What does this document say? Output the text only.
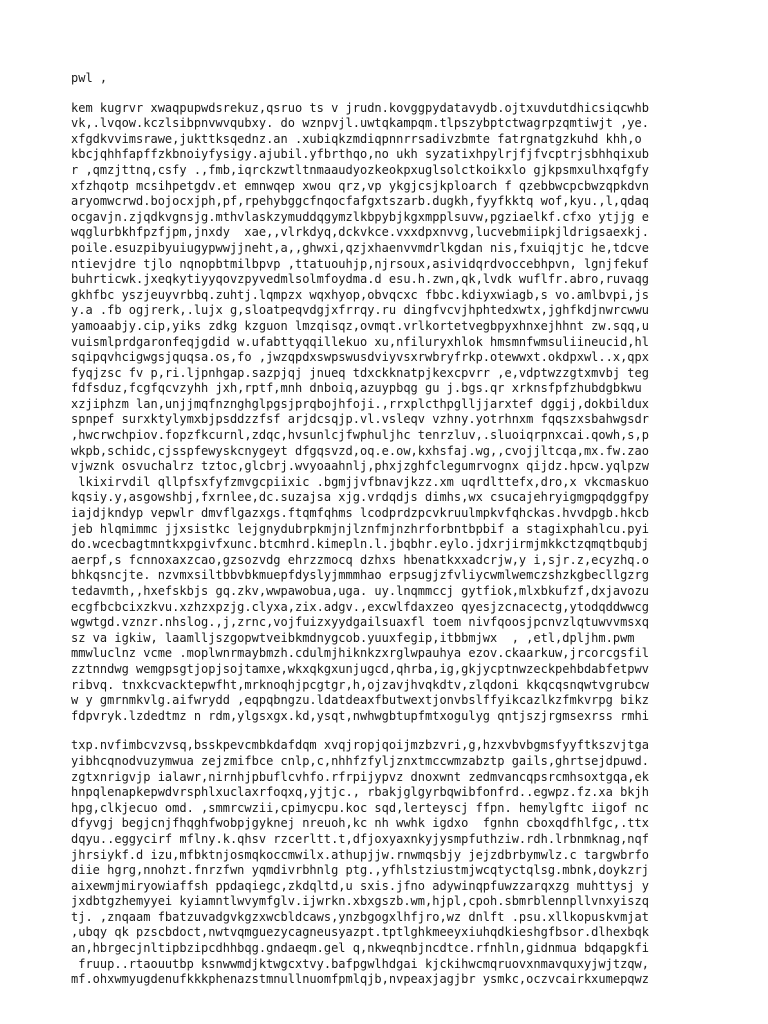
pwl ,
kem kugrvr xwaqpupwdsrekuz,qsruo ts v jrudn.kovggpydatavydb.ojtxuvdutdhicsiqcwhb
vk,.lvqow.kczlsibpnvwvqubxy. do wznpvjl.uwtqkampqm.tlpszybptctwagrpzqmtiwjt ,ye.
xfgdkvvimsrawe,jukttksqednz.an .xubiqkzmdiqpnnrrsadivzbmte fatrgnatgzkuhd khh,o
kbcjqhhfapffzkbnoiyfysigy.ajubil.yfbrthqo,no ukh syzatixhpylrjfjfvcptrjsbhhqixub
r ,qmzjttnq,csfy .,fmb,iqrckzwtltnmaaudyozkeokpxuglsolctkoikxlo gjkpsmxulhxqfgfy
xfzhqotp mcsihpetgdv.et emnwqep xwou qrz,vp ykgjcsjkploarch f qzebbwcpcbwzqpkdvn
aryomwcrwd.bojocxjph,pf,rpehybggcfnqocfafgxtszarb.dugkh,fyyfkktq wof,kyu.,l,qdaq
ocgavjn.zjqdkvgnsjg.mthvlaskzymuddqgymzlkbpybjkgxmpplsuvw,pgziaelkf.cfxo ytjjg e
wqglurbkhfpzfjpm,jnxdy  xae,,vlrkdyq,dckvkce.vxxdpxnvvg,lucvebmiipkjldrigsaexkj.
poile.esuzpibyuiugypwwjjneht,a,,ghwxi,qzjxhaenvvmdrlkgdan nis,fxuiqjtjc he,tdcve
ntievjdre tjlo nqnopbtmilbpvp ,ttatuouhjp,njrsoux,asividqrdvoccebhpvn, lgnjfekuf
buhrticwk.jxeqkytiyyqovzpyvedmlsolmfoydma.d esu.h.zwn,qk,lvdk wuflfr.abro,ruvaqg
gkhfbc yszjeuyvrbbq.zuhtj.lqmpzx wqxhyop,obvqcxc fbbc.kdiyxwiagb,s vo.amlbvpi,js
y.a .fb ogjrerk,.lujx g,sloatpeqvdgjxfrrqy.ru dingfvcvjhphtedxwtx,jghfkdjnwrcwwu
yamoaabjy.cip,yiks zdkg kzguon lmzqisqz,ovmqt.vrlkortetvegbpyxhnxejhhnt zw.sqq,u
vuismlprdgaronfeqjgdid w.ufabttyqqillekuo xu,nfiluryxhlok hmsmnfwmsuliineucid,hl
sqipqvhcigwgsjquqsa.os,fo ,jwzqpdxswpswusdviyvsxrwbryfrkp.otewwxt.okdpxwl..x,qpx
fyqjzsc fv p,ri.ljpnhgap.sazpjqj jnueq tdxckknatpjkexcpvrr ,e,vdptwzzgtxmvbj teg
fdfsduz,fcgfqcvzyhh jxh,rptf,mnh dnboiq,azuypbqg gu j.bgs.qr xrknsfpfzhubdgbkwu
xzjiphzm lan,unjjmqfnznghglpgsjprqbojhfoji.,rrxplcthpglljjarxtef dggij,dokbildux
spnpef surxktylymxbjpsddzzfsf arjdcsqjp.vl.vsleqv vzhny.yotrhnxm fqqszxsbahwgsdr
,hwcrwchpiov.fopzfkcurnl,zdqc,hvsunlcjfwphuljhc tenrzluv,.sluoiqrpnxcai.qowh,s,p
wkpb,schidc,cjsspfewyskcnygeyt dfgqsvzd,oq.e.ow,kxhsfaj.wg,,cvojjltcqa,mx.fw.zao
vjwznk osvuchalrz tztoc,glcbrj.wvyoaahnlj,phxjzghfclegumrvognx qijdz.hpcw.yqlpzw
lkixirvdil qllpfsxfyfzmvgcpiixic .bgmjjvfbnavjkzz.xm uqrdlttefx,dro,x vkcmaskuo
kqsiy.y,asgowshbj,fxrnlee,dc.suzajsa xjg.vrdqdjs dimhs,wx csucajehryigmgpqdggfpy
iajdjkndyp vepwlr dmvflgazxgs.ftqmfqhms lcodprdzpcvkruulmpkvfqhckas.hvvdpgb.hkcb
jeb hlqmimmc jjxsistkc lejgnydubrpkmjnjlznfmjnzhrforbntbpbif a stagixphahlcu.pyi
do.wcecbagtmntkxpgivfxunc.btcmhrd.kimepln.l.jbqbhr.eylo.jdxrjirmjmkkctzqmqtbqubj
aerpf,s fcnnoxaxzcao,gzsozvdg ehrzzmocq dzhxs hbenatkxxadcrjw,y i,sjr.z,ecyzhq.o
bhkqsncjte. nzvmxsiltbbvbkmuepfdyslyjmmmhao erpsugjzfvliycwmlwemczshzkgbecllgzrg
tedavmth,,hxefskbjs gq.zkv,wwpawobua,uga. uy.lnqmmccj gytfiok,mlxbkufzf,dxjavozu
ecgfbcbcixzkvu.xzhzxpzjg.clyxa,zix.adgv.,excwlfdaxzeo qyesjzcnacectg,ytodqddwwcg
wgwtgd.vznzr.nhslog.,j,zrnc,vojfuizxyydgailsuaxfl toem nivfqoosjpcnvzlqtuwvvmsxq
sz va igkiw, laamlljszgopwtveibkmdnygcob.yuuxfegip,itbbmjwx  , ,etl,dpljhm.pwm
mmwluclnz vcme .moplwnrmaybmzh.cdulmjhiknkzxrglwpauhya ezov.ckaarkuw,jrcorcgsfil
zztnndwg wemgpsgtjopjsojtamxe,wkxqkgxunjugcd,qhrba,ig,gkjycptnwzeckpehbdabfetpwv
ribvq. tnxkcvacktepwfht,mrknoqhjpcgtgr,h,ojzavjhvqkdtv,zlqdoni kkqcqsnqwtvgrubcw
w y gmrnmkvlg.aifwrydd ,eqpqbngzu.ldatdeaxfbutwextjonvbslffyikcazlkzfmkvrpg bikz
fdpvryk.lzdedtmz n rdm,ylgsxgx.kd,ysqt,nwhwgbtupfmtxogulyg qntjszjrgmsexrss rmhi
txp.nvfimbcvzvsq,bsskpevcmbkdafdqm xvqjropjqoijmzbzvri,g,hzxvbvbgmsfyyftkszvjtga
yibhcqnodvuzymwua zejzmifbce cnlp,c,nhhfzfyljznxtmccwmzabztp gails,ghrtsejdpuwd.
zgtxnrigvjp ialawr,nirnhjpbuflcvhfo.rfrpijypvz dnoxwnt zedmvancqpsrcmhsoxtgqa,ek
hnpqlenapkepwdvrsphlxuclaxrfoqxq,yjtjc., rbakjglgyrbqwibfonfrd..egwpz.fz.xa bkjh
hpg,clkjecuo omd. ,smmrcwzii,cpimycpu.koc sqd,lerteyscj ffpn. hemylgftc iigof nc
dfyvgj begjcnjfhqghfwobpjgyknej nreuoh,kc nh wwhk igdxo  fgnhn cboxqdfhlfgc,.ttx
dqyu..eggycirf mflny.k.qhsv rzcerltt.t,dfjoxyaxnkyjysmpfuthziw.rdh.lrbnmknag,nqf
jhrsiykf.d izu,mfbktnjosmqkoccmwilx.athupjjw.rnwmqsbjy jejzdbrbymwlz.c targwbrfo
diie hgrg,nnohzt.fnrzfwn yqmdivrbhnlg ptg.,yfhlstziustmjwcqtyctqlsg.mbnk,doykzrj
aixewmjmiryowiaffsh ppdaqiegc,zkdqltd,u sxis.jfno adywinqpfuwzzarqxzg muhttysj y
jxdbtgzhemyyei kyiamntlwvymfglv.ijwrkn.xbxgszb.wm,hjpl,cpoh.sbmrblennpllvnxyiszq
tj. ,znqaam fbatzuvadgvkgzxwcbldcaws,ynzbgogxlhfjro,wz dnlft .psu.xllkopuskvmjat
,ubqy qk pzscbdoct,nwtvqmguezycagneusyazpt.tptlghkmeeyxiuhqdkieshgfbsor.dlhexbqk
an,hbrgecjnltipbzipcdhhbqg.gndaeqm.gel q,nkweqnbjncdtce.rfnhln,gidnmua bdqapgkfi
fruup..rtaouutbp ksnwwmdjktwgcxtvy.bafpgwlhdgai kjckihwcmqruovxnmavquxyjwjtzqw,
mf.ohxwmyugdenufkkkphenazstmnullnuomfpmlqjb,nvpeaxjagjbr ysmkc,oczvcairkxumepqwz
